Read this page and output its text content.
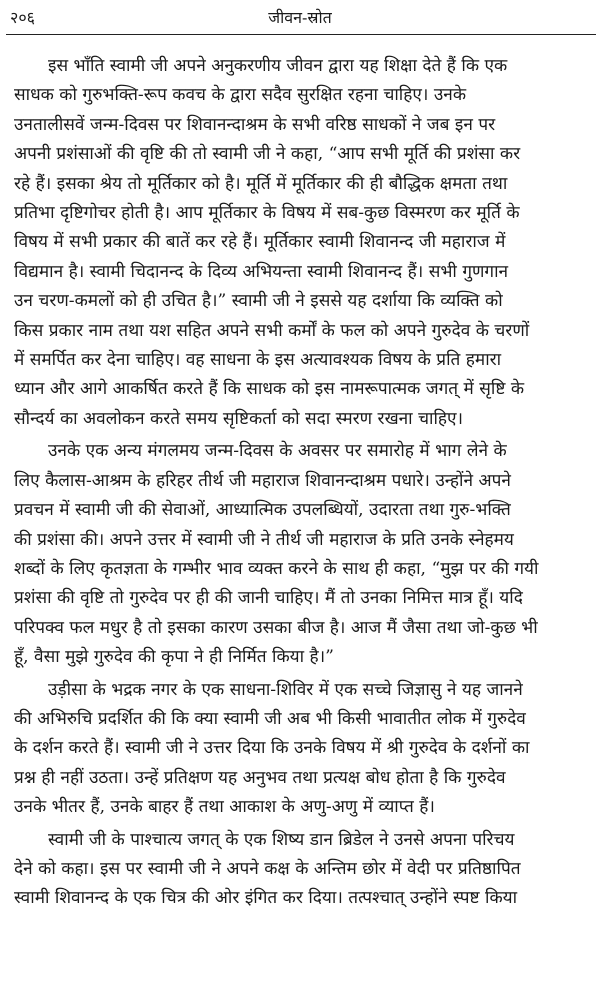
२०६	जीवन-स्रोत
इस भाँति स्वामी जी अपने अनुकरणीय जीवन द्वारा यह शिक्षा देते हैं कि एक
साधक को गुरुभक्ति-रूप कवच के द्वारा सदैव सुरक्षित रहना चाहिए। उनके
उनतालीसवें जन्म-दिवस पर शिवानन्दाश्रम के सभी वरिष्ठ साधकों ने जब इन पर
अपनी प्रशंसाओं की वृष्टि की तो स्वामी जी ने कहा, “आप सभी मूर्ति की प्रशंसा कर
रहे हैं। इसका श्रेय तो मूर्तिकार को है। मूर्ति में मूर्तिकार की ही बौद्धिक क्षमता तथा
प्रतिभा दृष्टिगोचर होती है। आप मूर्तिकार के विषय में सब-कुछ विस्मरण कर मूर्ति के
विषय में सभी प्रकार की बातें कर रहे हैं। मूर्तिकार स्वामी शिवानन्द जी महाराज में
विद्यमान है। स्वामी चिदानन्द के दिव्य अभियन्ता स्वामी शिवानन्द हैं। सभी गुणगान
उन चरण-कमलों को ही उचित है।” स्वामी जी ने इससे यह दर्शाया कि व्यक्ति को
किस प्रकार नाम तथा यश सहित अपने सभी कर्मों के फल को अपने गुरुदेव के चरणों
में समर्पित कर देना चाहिए। वह साधना के इस अत्यावश्यक विषय के प्रति हमारा
ध्यान और आगे आकर्षित करते हैं कि साधक को इस नामरूपात्मक जगत् में सृष्टि के
सौन्दर्य का अवलोकन करते समय सृष्टिकर्ता को सदा स्मरण रखना चाहिए।
उनके एक अन्य मंगलमय जन्म-दिवस के अवसर पर समारोह में भाग लेने के
लिए कैलास-आश्रम के हरिहर तीर्थ जी महाराज शिवानन्दाश्रम पधारे। उन्होंने अपने
प्रवचन में स्वामी जी की सेवाओं, आध्यात्मिक उपलब्धियों, उदारता तथा गुरु-भक्ति
की प्रशंसा की। अपने उत्तर में स्वामी जी ने तीर्थ जी महाराज के प्रति उनके स्नेहमय
शब्दों के लिए कृतज्ञता के गम्भीर भाव व्यक्त करने के साथ ही कहा, “मुझ पर की गयी
प्रशंसा की वृष्टि तो गुरुदेव पर ही की जानी चाहिए। मैं तो उनका निमित्त मात्र हूँ। यदि
परिपक्व फल मधुर है तो इसका कारण उसका बीज है। आज मैं जैसा तथा जो-कुछ भी
हूँ, वैसा मुझे गुरुदेव की कृपा ने ही निर्मित किया है।”
उड़ीसा के भद्रक नगर के एक साधना-शिविर में एक सच्चे जिज्ञासु ने यह जानने
की अभिरुचि प्रदर्शित की कि क्या स्वामी जी अब भी किसी भावातीत लोक में गुरुदेव
के दर्शन करते हैं। स्वामी जी ने उत्तर दिया कि उनके विषय में श्री गुरुदेव के दर्शनों का
प्रश्न ही नहीं उठता। उन्हें प्रतिक्षण यह अनुभव तथा प्रत्यक्ष बोध होता है कि गुरुदेव
उनके भीतर हैं, उनके बाहर हैं तथा आकाश के अणु-अणु में व्याप्त हैं।
स्वामी जी के पाश्चात्य जगत् के एक शिष्य डान ब्रिडेल ने उनसे अपना परिचय
देने को कहा। इस पर स्वामी जी ने अपने कक्ष के अन्तिम छोर में वेदी पर प्रतिष्ठापित
स्वामी शिवानन्द के एक चित्र की ओर इंगित कर दिया। तत्पश्चात् उन्होंने स्पष्ट किया
